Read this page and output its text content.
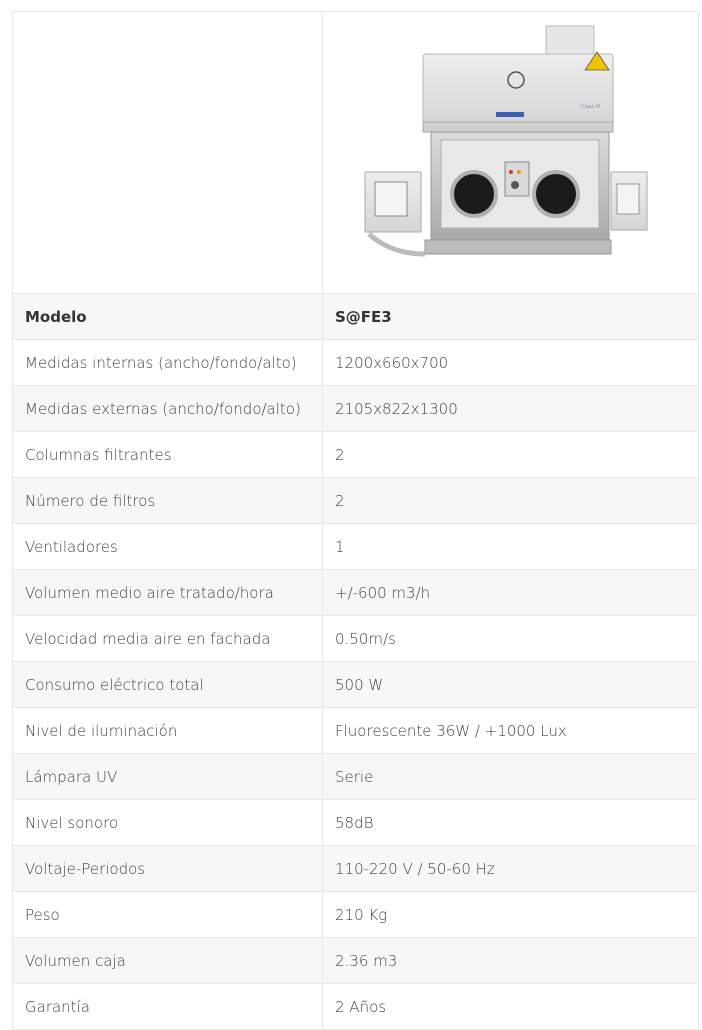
Class III

Modelo	S@FE3
Medidas internas (ancho/fondo/alto)	1200x660x700
Medidas externas (ancho/fondo/alto)	2105x822x1300
Columnas filtrantes	2
Número de filtros	2
Ventiladores	1
Volumen medio aire tratado/hora	+/-600 m3/h
Velocidad media aire en fachada	0.50m/s
Consumo eléctrico total	500 W
Nivel de iluminación	Fluorescente 36W / +1000 Lux
Lámpara UV	Serie
Nivel sonoro	58dB
Voltaje-Periodos	110-220 V / 50-60 Hz
Peso	210 Kg
Volumen caja	2.36 m3
Garantía	2 Años
